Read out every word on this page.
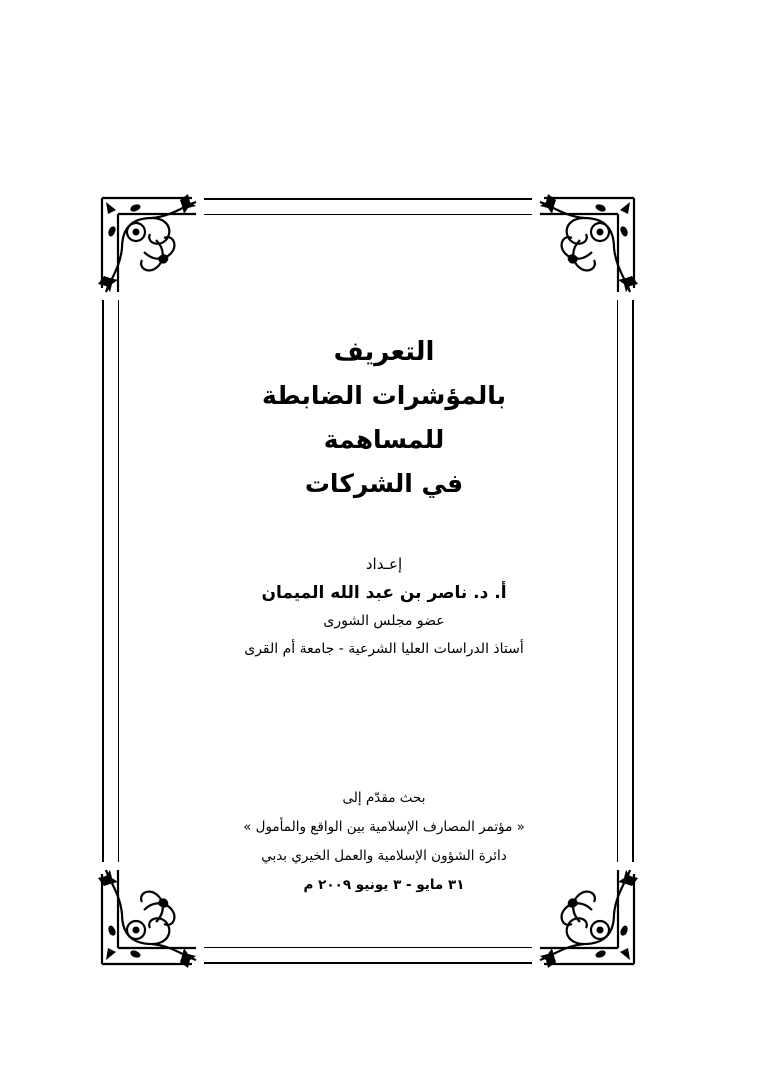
التعريف
بالمؤشرات الضابطة للمساهمة
في الشركات
إعـداد
أ. د. ناصر بن عبد الله الميمان
عضو مجلس الشورى
أستاذ الدراسات العليا الشرعية - جامعة أم القرى
بحث مقدّم إلى
« مؤتمر المصارف الإسلامية بين الواقع والمأمول »
دائرة الشؤون الإسلامية والعمل الخيري بدبي
٣١ مايو - ٣ يونيو ٢٠٠٩ م
